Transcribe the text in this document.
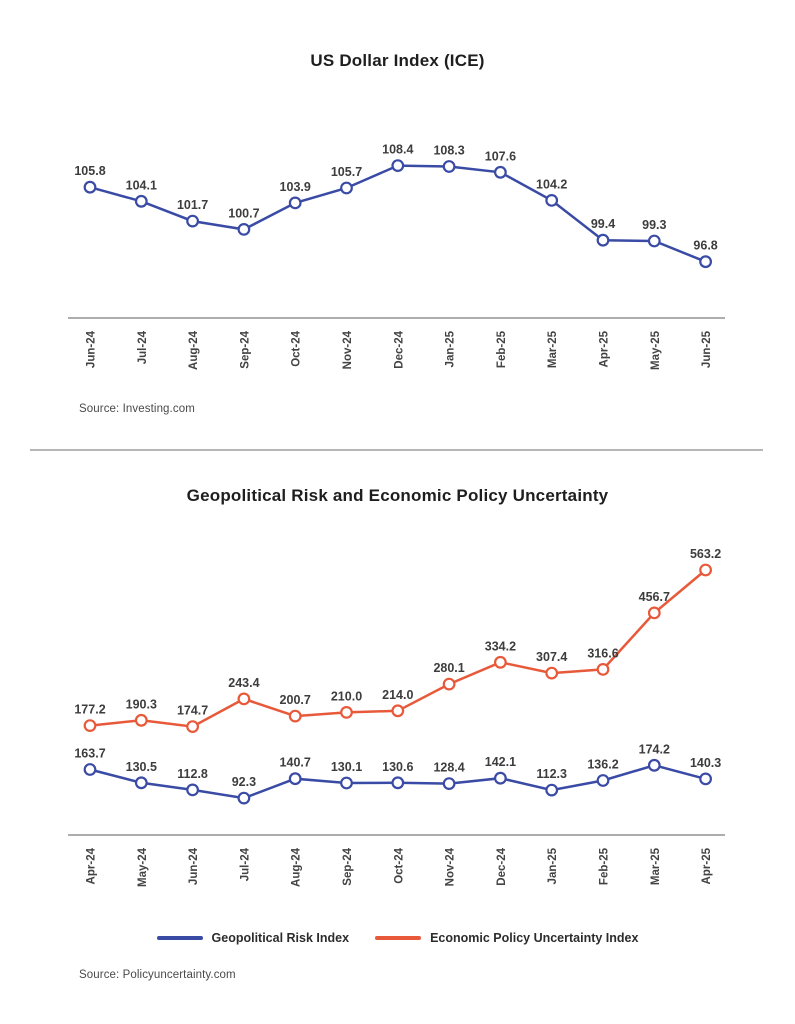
US Dollar Index (ICE)
Jun-24	Jul-24	Aug-24	Sep-24	Oct-24	Nov-24	Dec-24	Jan-25	Feb-25	Mar-25	Apr-25	May-25	Jun-25
105.8
104.1
101.7
100.7
103.9
105.7
108.4 108.3 107.6
104.2
99.4 99.3
96.8
Source: Investing.com
Geopolitical Risk and Economic Policy Uncertainty
Apr-24	May-24	Jun-24	Jul-24	Aug-24	Sep-24	Oct-24	Nov-24	Dec-24	Jan-25	Feb-25	Mar-25	Apr-25
163.7
130.5
112.8
92.3
140.7 130.1 130.6 128.4 142.1
112.3
136.2
174.2
140.3
177.2 190.3 174.7
243.4
200.7 210.0 214.0
280.1
334.2
307.4 316.6
456.7
563.2
Geopolitical Risk Index	Economic Policy Uncertainty Index
Source: Policyuncertainty.com
